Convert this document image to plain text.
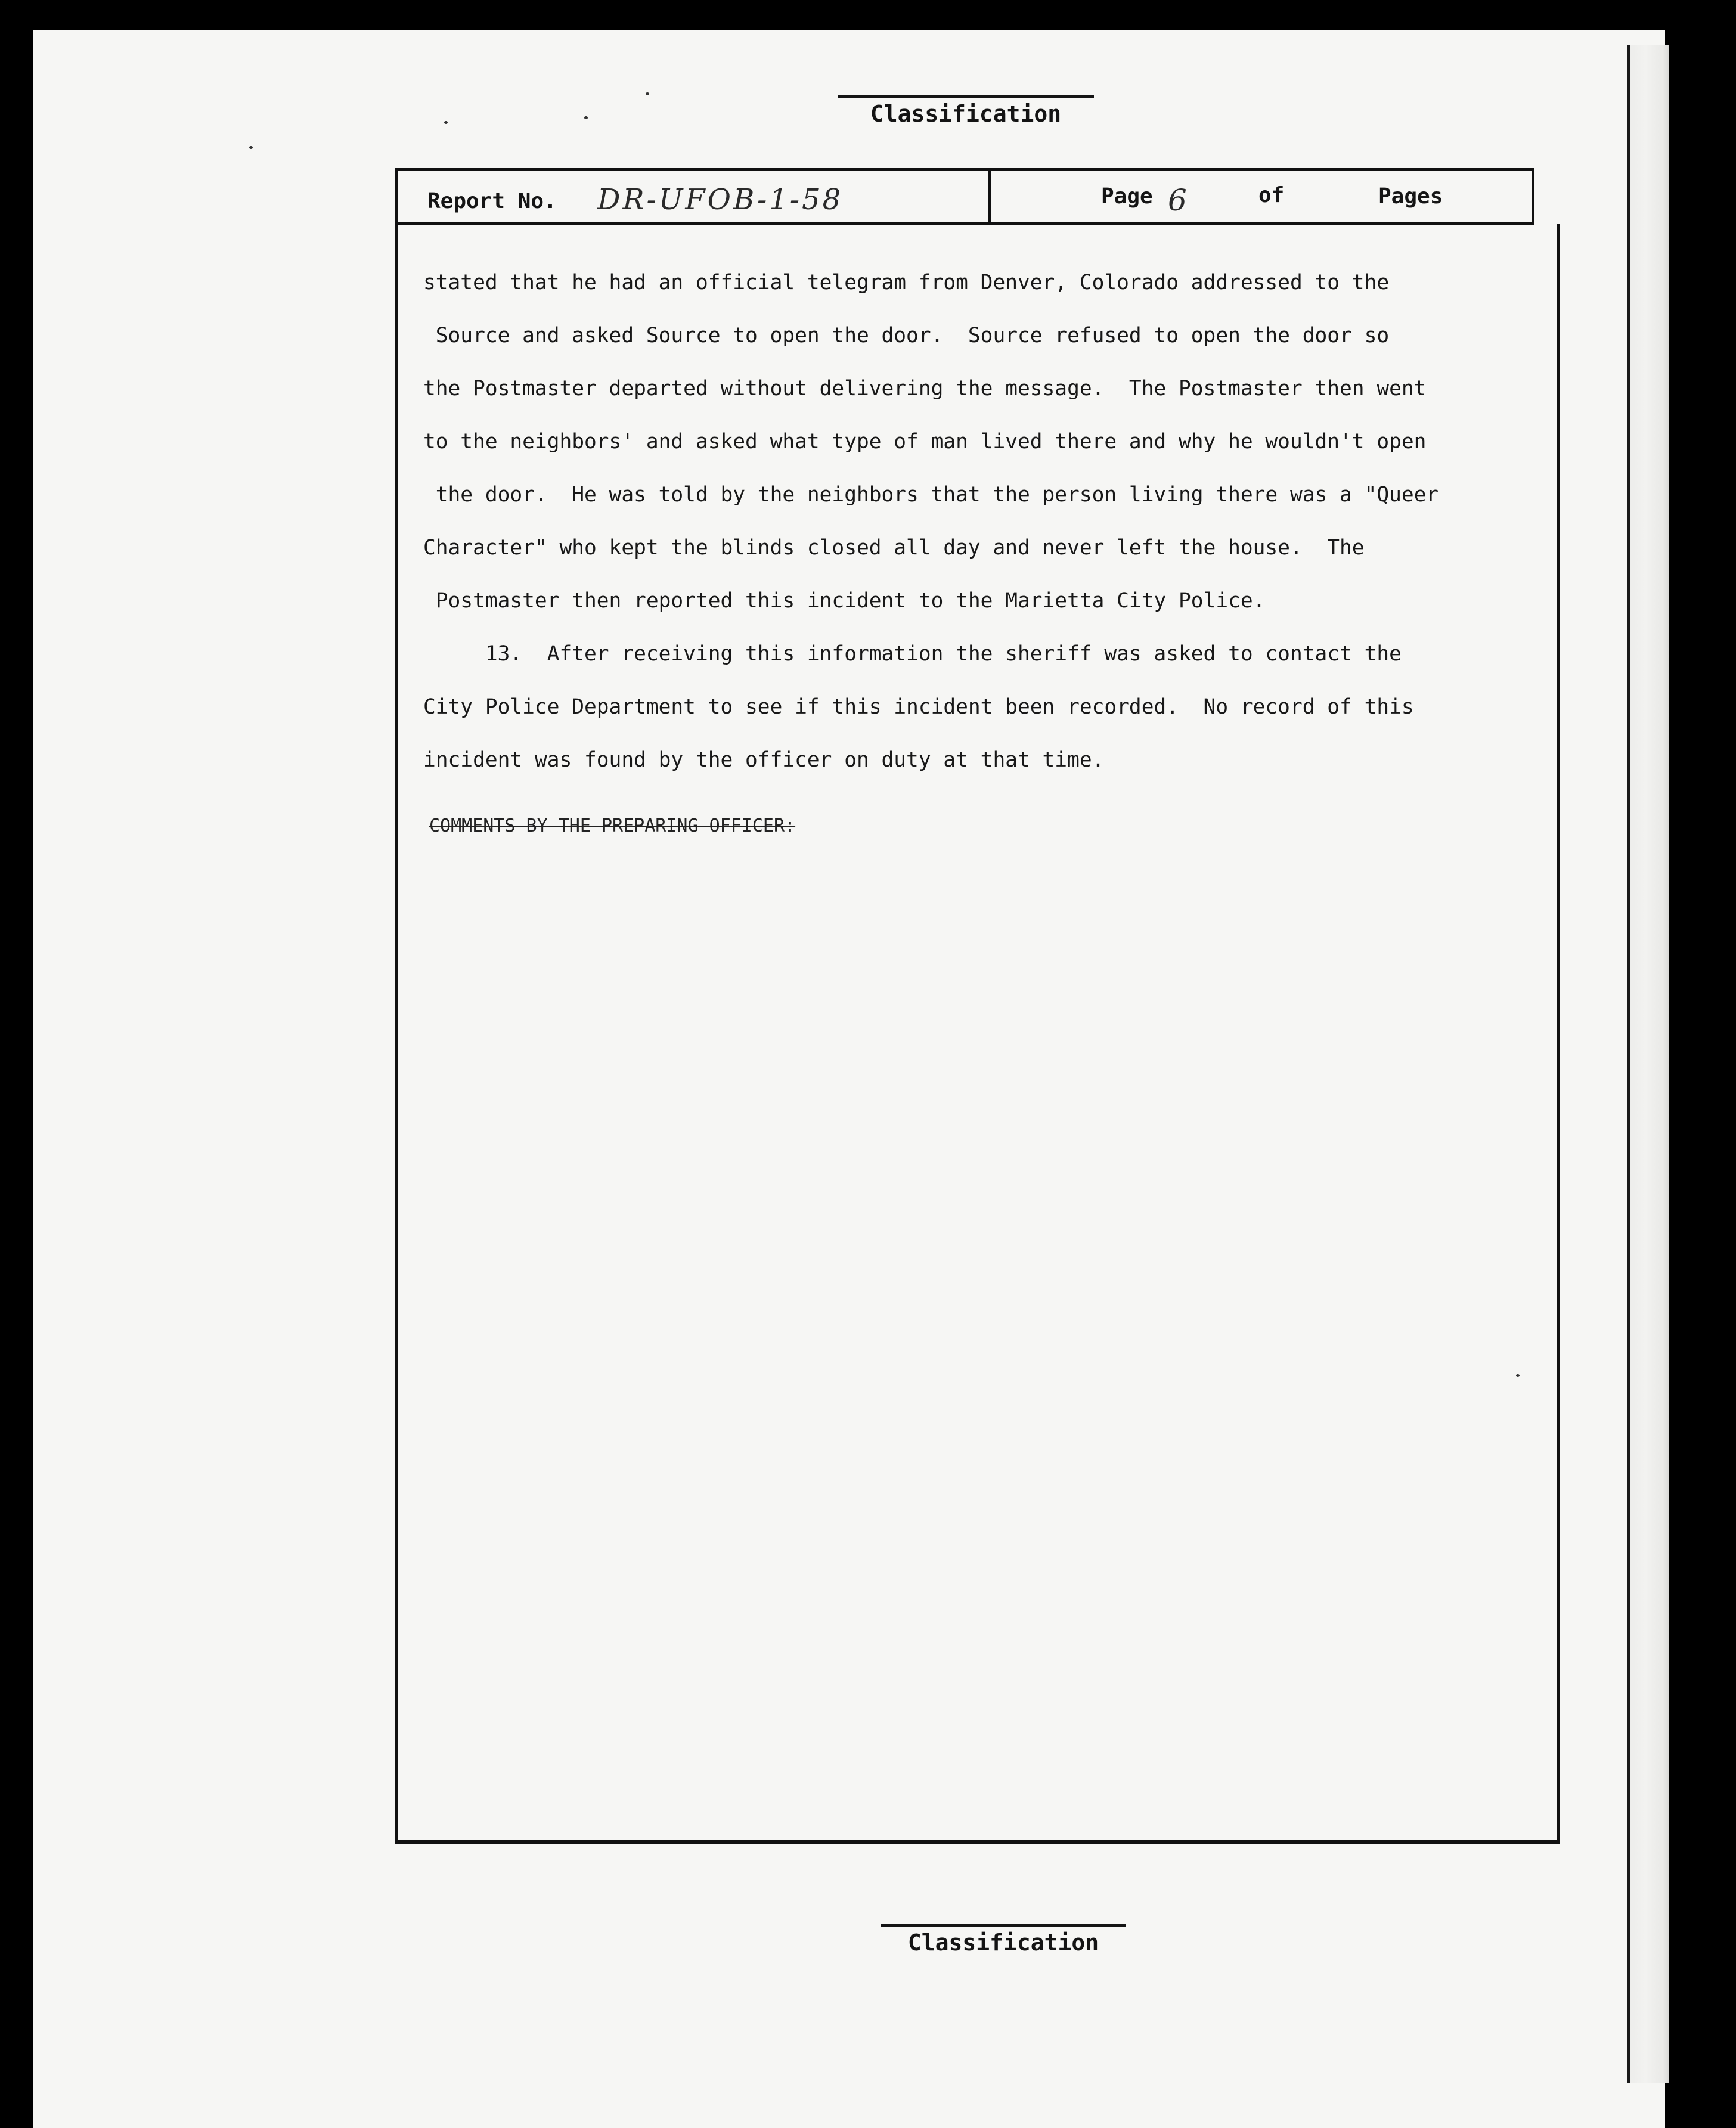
Classification
Report No. DR-UFOB-1-58	Page 6	of	Pages

stated that he had an official telegram from Denver, Colorado addressed to the

Source and asked Source to open the door.  Source refused to open the door so

the Postmaster departed without delivering the message.  The Postmaster then went

to the neighbors' and asked what type of man lived there and why he wouldn't open

the door.  He was told by the neighbors that the person living there was a "Queer

Character" who kept the blinds closed all day and never left the house.  The

Postmaster then reported this incident to the Marietta City Police.

13.  After receiving this information the sheriff was asked to contact the

City Police Department to see if this incident been recorded.  No record of this

incident was found by the officer on duty at that time.

COMMENTS BY THE PREPARING OFFICER:
Classification
